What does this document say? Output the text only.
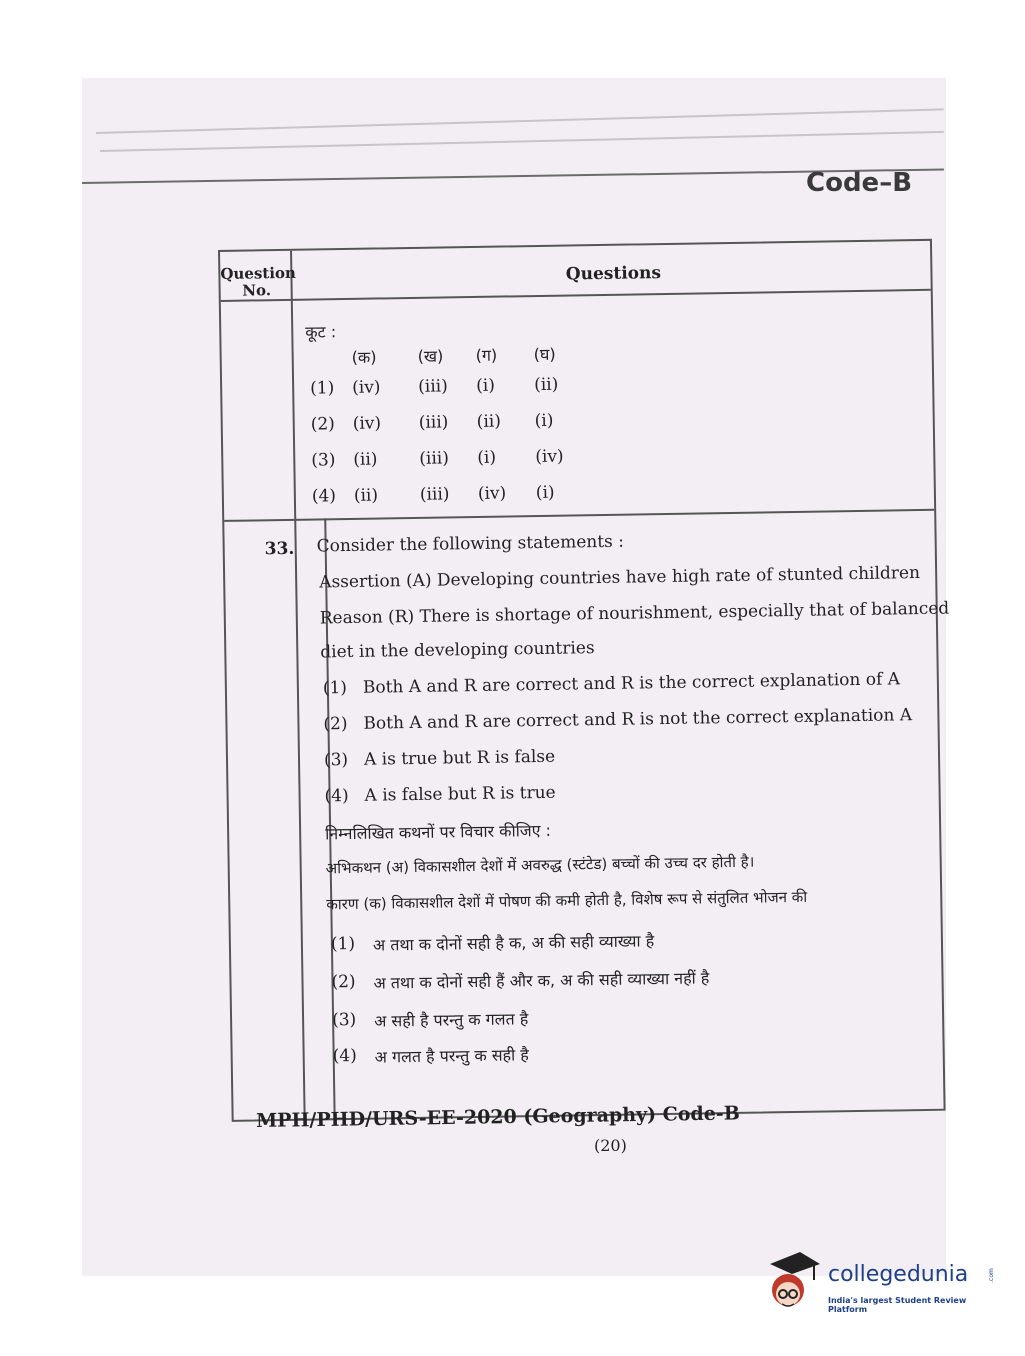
Code–B
Question
No.
Questions
कूट :
(क)	(ख) (ग) (घ)
(1) (iv) (iii) (i) (ii)
(2) (iv) (iii) (ii) (i)
(3) (ii) (iii) (i) (iv)
(4) (ii) (iii) (iv) (i)
33. Consider the following statements :
Assertion (A) Developing countries have high rate of stunted children
Reason (R) There is shortage of nourishment, especially that of balanced
diet in the developing countries
(1) Both A and R are correct and R is the correct explanation of A
(2) Both A and R are correct and R is not the correct explanation A
(3) A is true but R is false
(4) A is false but R is true
निम्नलिखित कथनों पर विचार कीजिए :
अभिकथन (अ) विकासशील देशों में अवरुद्ध (स्टंटेड) बच्चों की उच्च दर होती है।
कारण (क) विकासशील देशों में पोषण की कमी होती है, विशेष रूप से संतुलित भोजन की
(1) अ तथा क दोनों सही है क, अ की सही व्याख्या है
(2) अ तथा क दोनों सही हैं और क, अ की सही व्याख्या नहीं है
(3) अ सही है परन्तु क गलत है
(4) अ गलत है परन्तु क सही है
MPH/PHD/URS-EE-2020 (Geography) Code-B
(20)
collegedunia	.com
India's largest Student Review Platform
